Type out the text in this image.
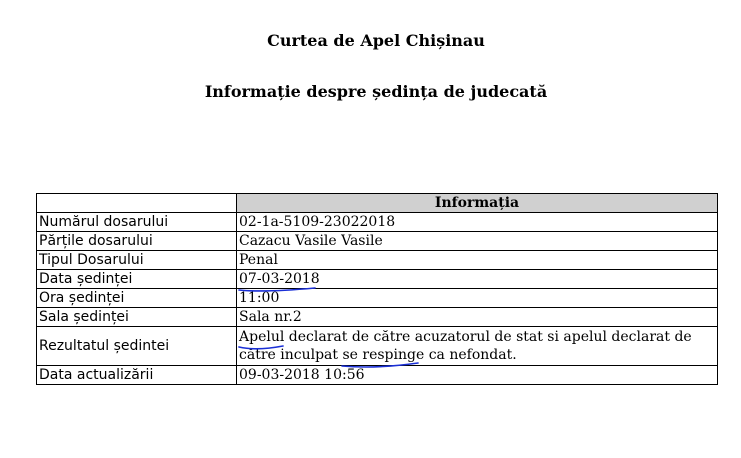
Curtea de Apel Chișinau
Informație despre ședința de judecată
	Informația
Numărul dosarului	02-1a-5109-23022018
Părțile dosarului	Cazacu Vasile Vasile
Tipul Dosarului	Penal
Data ședinței	07-03-2018

Ora ședinței	11:00
Sala ședinței	Sala nr.2
Rezultatul ședintei	Apelul
declarat de către acuzatorul de stat si apelul declarat de către inculpat se respinge
ca nefondat.
Data actualizării	09-03-2018 10:56
